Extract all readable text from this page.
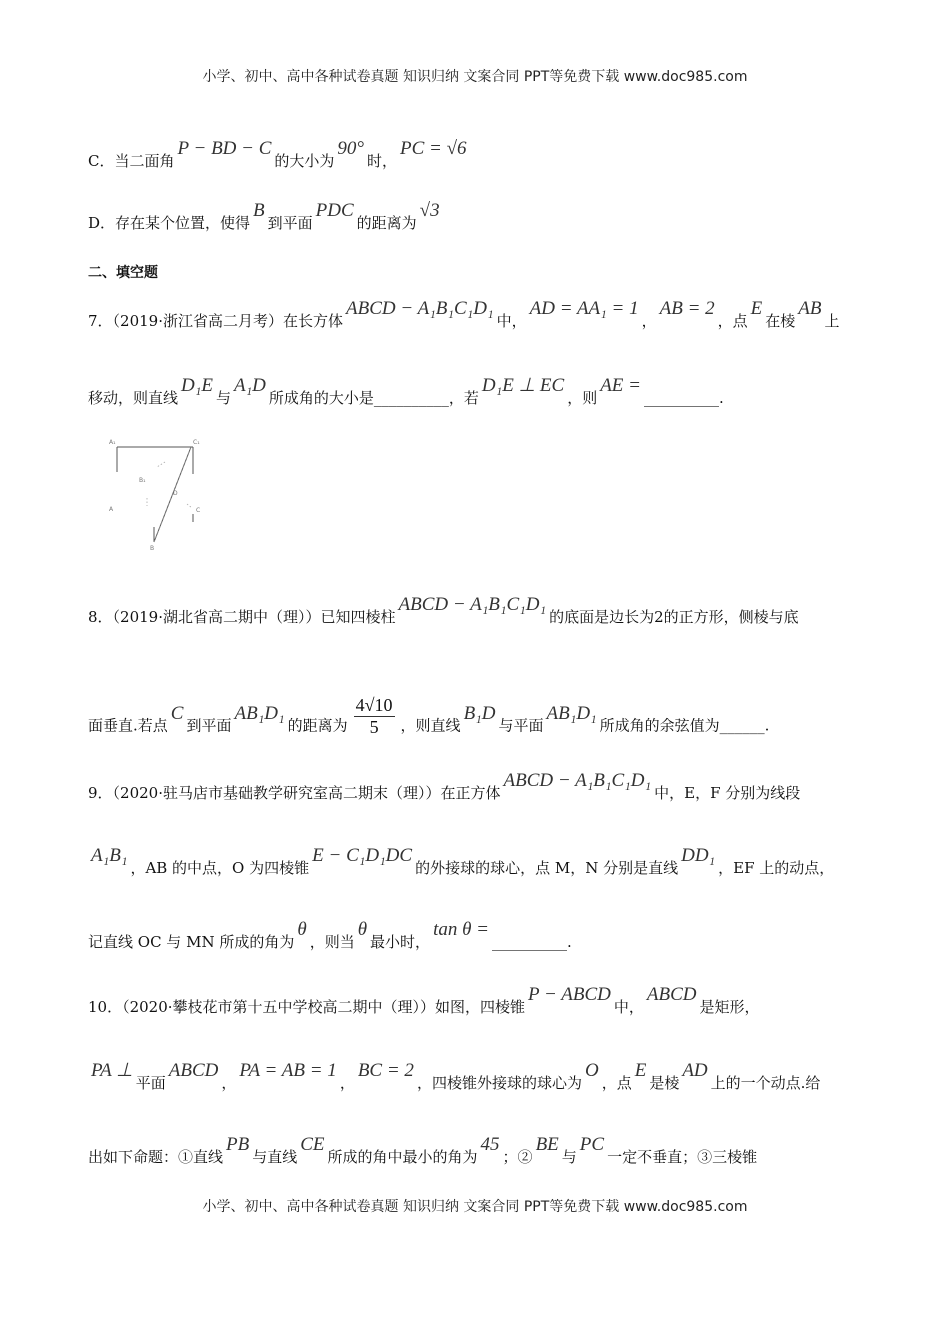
小学、初中、高中各种试卷真题 知识归纳 文案合同 PPT等免费下载 www.doc985.com
C．当二面角P − BD − C的大小为90°时，PC = √6
D．存在某个位置，使得B到平面PDC的距离为√3
二、填空题
7．（2019·浙江省高二月考）在长方体ABCD − A₁B₁C₁D₁中，AD = AA₁ = 1，AB = 2，点E在棱AB上
移动，则直线D₁E与A₁D所成角的大小是__________，若D₁E ⊥ EC，则AE =__________.
8．（2019·湖北省高二期中（理））已知四棱柱ABCD − A₁B₁C₁D₁的底面是边长为2的正方形，侧棱与底
面垂直.若点C到平面AB₁D₁的距离为 $\frac{4√10}{5}$ ，则直线B₁D与平面AB₁D₁所成角的余弦值为______.
9．（2020·驻马店市基础教学研究室高二期末（理））在正方体ABCD − A₁B₁C₁D₁中，E，F 分别为线段
A₁B₁，AB 的中点，O 为四棱锥E − C₁D₁DC的外接球的球心，点 M，N 分别是直线DD₁，EF 上的动点，
记直线 OC 与 MN 所成的角为θ，则当θ最小时，tan θ =__________.
10．（2020·攀枝花市第十五中学校高二期中（理））如图，四棱锥P − ABCD中，ABCD是矩形，
PA ⊥平面ABCD，PA = AB = 1，BC = 2，四棱锥外接球的球心为O，点E是棱AD上的一个动点.给
出如下命题：①直线PB与直线CE所成的角中最小的角为45；②BE与PC一定不垂直；③三棱锥
A₁	C₁
B₁
D
A	C
B
小学、初中、高中各种试卷真题 知识归纳 文案合同 PPT等免费下载 www.doc985.com
